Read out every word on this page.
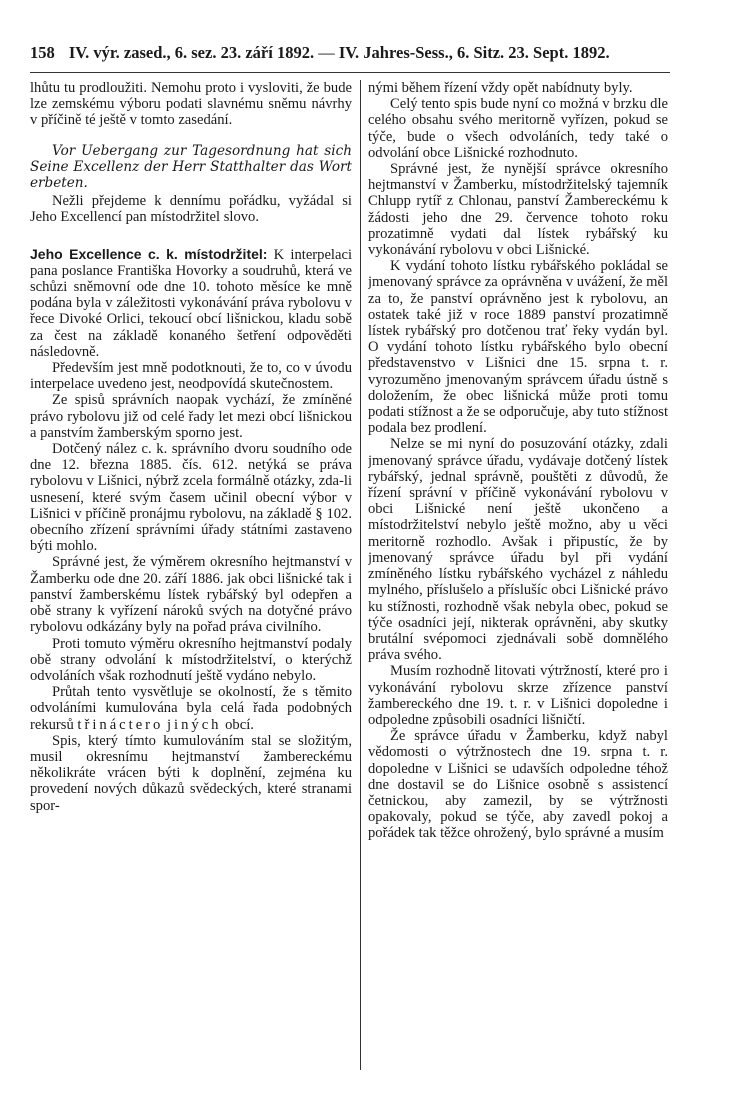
158 IV. výr. zased., 6. sez. 23. září 1892. — IV. Jahres-Sess., 6. Sitz. 23. Sept. 1892.

lhůtu tu prodloužiti. Nemohu proto i vysloviti, že bude lze zemskému výboru podati slavnému sněmu návrhy v příčině té ještě v tomto zasedání.

Vor Uebergang zur Tagesordnung hat sich Seine Excellenz der Herr Statthalter das Wort erbeten.

Nežli přejdeme k dennímu pořádku, vyžádal si Jeho Excellencí pan místodržitel slovo.

Jeho Excellence c. k. místodržitel: K interpelaci pana poslance Františka Hovorky a soudruhů, která ve schůzi sněmovní ode dne 10. tohoto měsíce ke mně podána byla v záležitosti vykonávání práva rybolovu v řece Divoké Orlici, tekoucí obcí lišnickou, kladu sobě za čest na základě konaného šetření odpověděti následovně.

Především jest mně podotknouti, že to, co v úvodu interpelace uvedeno jest, neodpovídá skutečnostem.

Ze spisů správních naopak vychází, že zmíněné právo rybolovu již od celé řady let mezi obcí lišnickou a panstvím žamberským sporno jest.

Dotčený nález c. k. správního dvoru soudního ode dne 12. března 1885. čís. 612. netýká se práva rybolovu v Lišnici, nýbrž zcela formálně otázky, zda-li usnesení, které svým časem učinil obecní výbor v Lišnici v příčině pronájmu rybolovu, na základě § 102. obecního zřízení správními úřady státními zastaveno býti mohlo.

Správné jest, že výměrem okresního hejtmanství v Žamberku ode dne 20. září 1886. jak obci lišnické tak i panství žamberskému lístek rybářský byl odepřen a obě strany k vyřízení nároků svých na dotyčné právo rybolovu odkázány byly na pořad práva civilního.

Proti tomuto výměru okresního hejtmanství podaly obě strany odvolání k místodržitelství, o kterýchž odvoláních však rozhodnutí ještě vydáno nebylo.

Průtah tento vysvětluje se okolností, že s těmito odvoláními kumulována byla celá řada podobných rekursů třináctero jiných obcí.

Spis, který tímto kumulováním stal se složitým, musil okresnímu hejtmanství žambereckému několikráte vrácen býti k doplnění, zejména ku provedení nových důkazů svědeckých, které stranami spor-

nými během řízení vždy opět nabídnuty byly.

Celý tento spis bude nyní co možná v brzku dle celého obsahu svého meritorně vyřízen, pokud se týče, bude o všech odvoláních, tedy také o odvolání obce Lišnické rozhodnuto.

Správné jest, že nynější správce okresního hejtmanství v Žamberku, místodržitelský tajemník Chlupp rytíř z Chlonau, panství Žambereckému k žádosti jeho dne 29. července tohoto roku prozatimně vydati dal lístek rybářský ku vykonávání rybolovu v obci Lišnické.

K vydání tohoto lístku rybářského pokládal se jmenovaný správce za oprávněna v uvážení, že měl za to, že panství oprávněno jest k rybolovu, an ostatek také již v roce 1889 panství prozatimně lístek rybářský pro dotčenou trať řeky vydán byl. O vydání tohoto lístku rybářského bylo obecní představenstvo v Lišnici dne 15. srpna t. r. vyrozuměno jmenovaným správcem úřadu ústně s doložením, že obec lišnická může proti tomu podati stížnost a že se odporučuje, aby tuto stížnost podala bez prodlení.

Nelze se mi nyní do posuzování otázky, zdali jmenovaný správce úřadu, vydávaje dotčený lístek rybářský, jednal správně, pouštěti z důvodů, že řízení správní v příčině vykonávání rybolovu v obci Lišnické není ještě ukončeno a místodržitelství nebylo ještě možno, aby u věci meritorně rozhodlo. Avšak i připustíc, že by jmenovaný správce úřadu byl při vydání zmíněného lístku rybářského vycházel z náhledu mylného, příslušelo a příslušíc obci Lišnické právo ku stížnosti, rozhodně však nebyla obec, pokud se týče osadníci její, nikterak oprávněni, aby skutky brutální svépomoci zjednávali sobě domnělého práva svého.

Musím rozhodně litovati výtržností, které pro i vykonávání rybolovu skrze zřízence panství žambereckého dne 19. t. r. v Lišnici dopoledne i odpoledne způsobili osadníci lišničtí.

Že správce úřadu v Žamberku, když nabyl vědomosti o výtržnostech dne 19. srpna t. r. dopoledne v Lišnici se udavších odpoledne téhož dne dostavil se do Lišnice osobně s assistencí četnickou, aby zamezil, by se výtržnosti opakovaly, pokud se týče, aby zavedl pokoj a pořádek tak těžce ohrožený, bylo správné a musím
